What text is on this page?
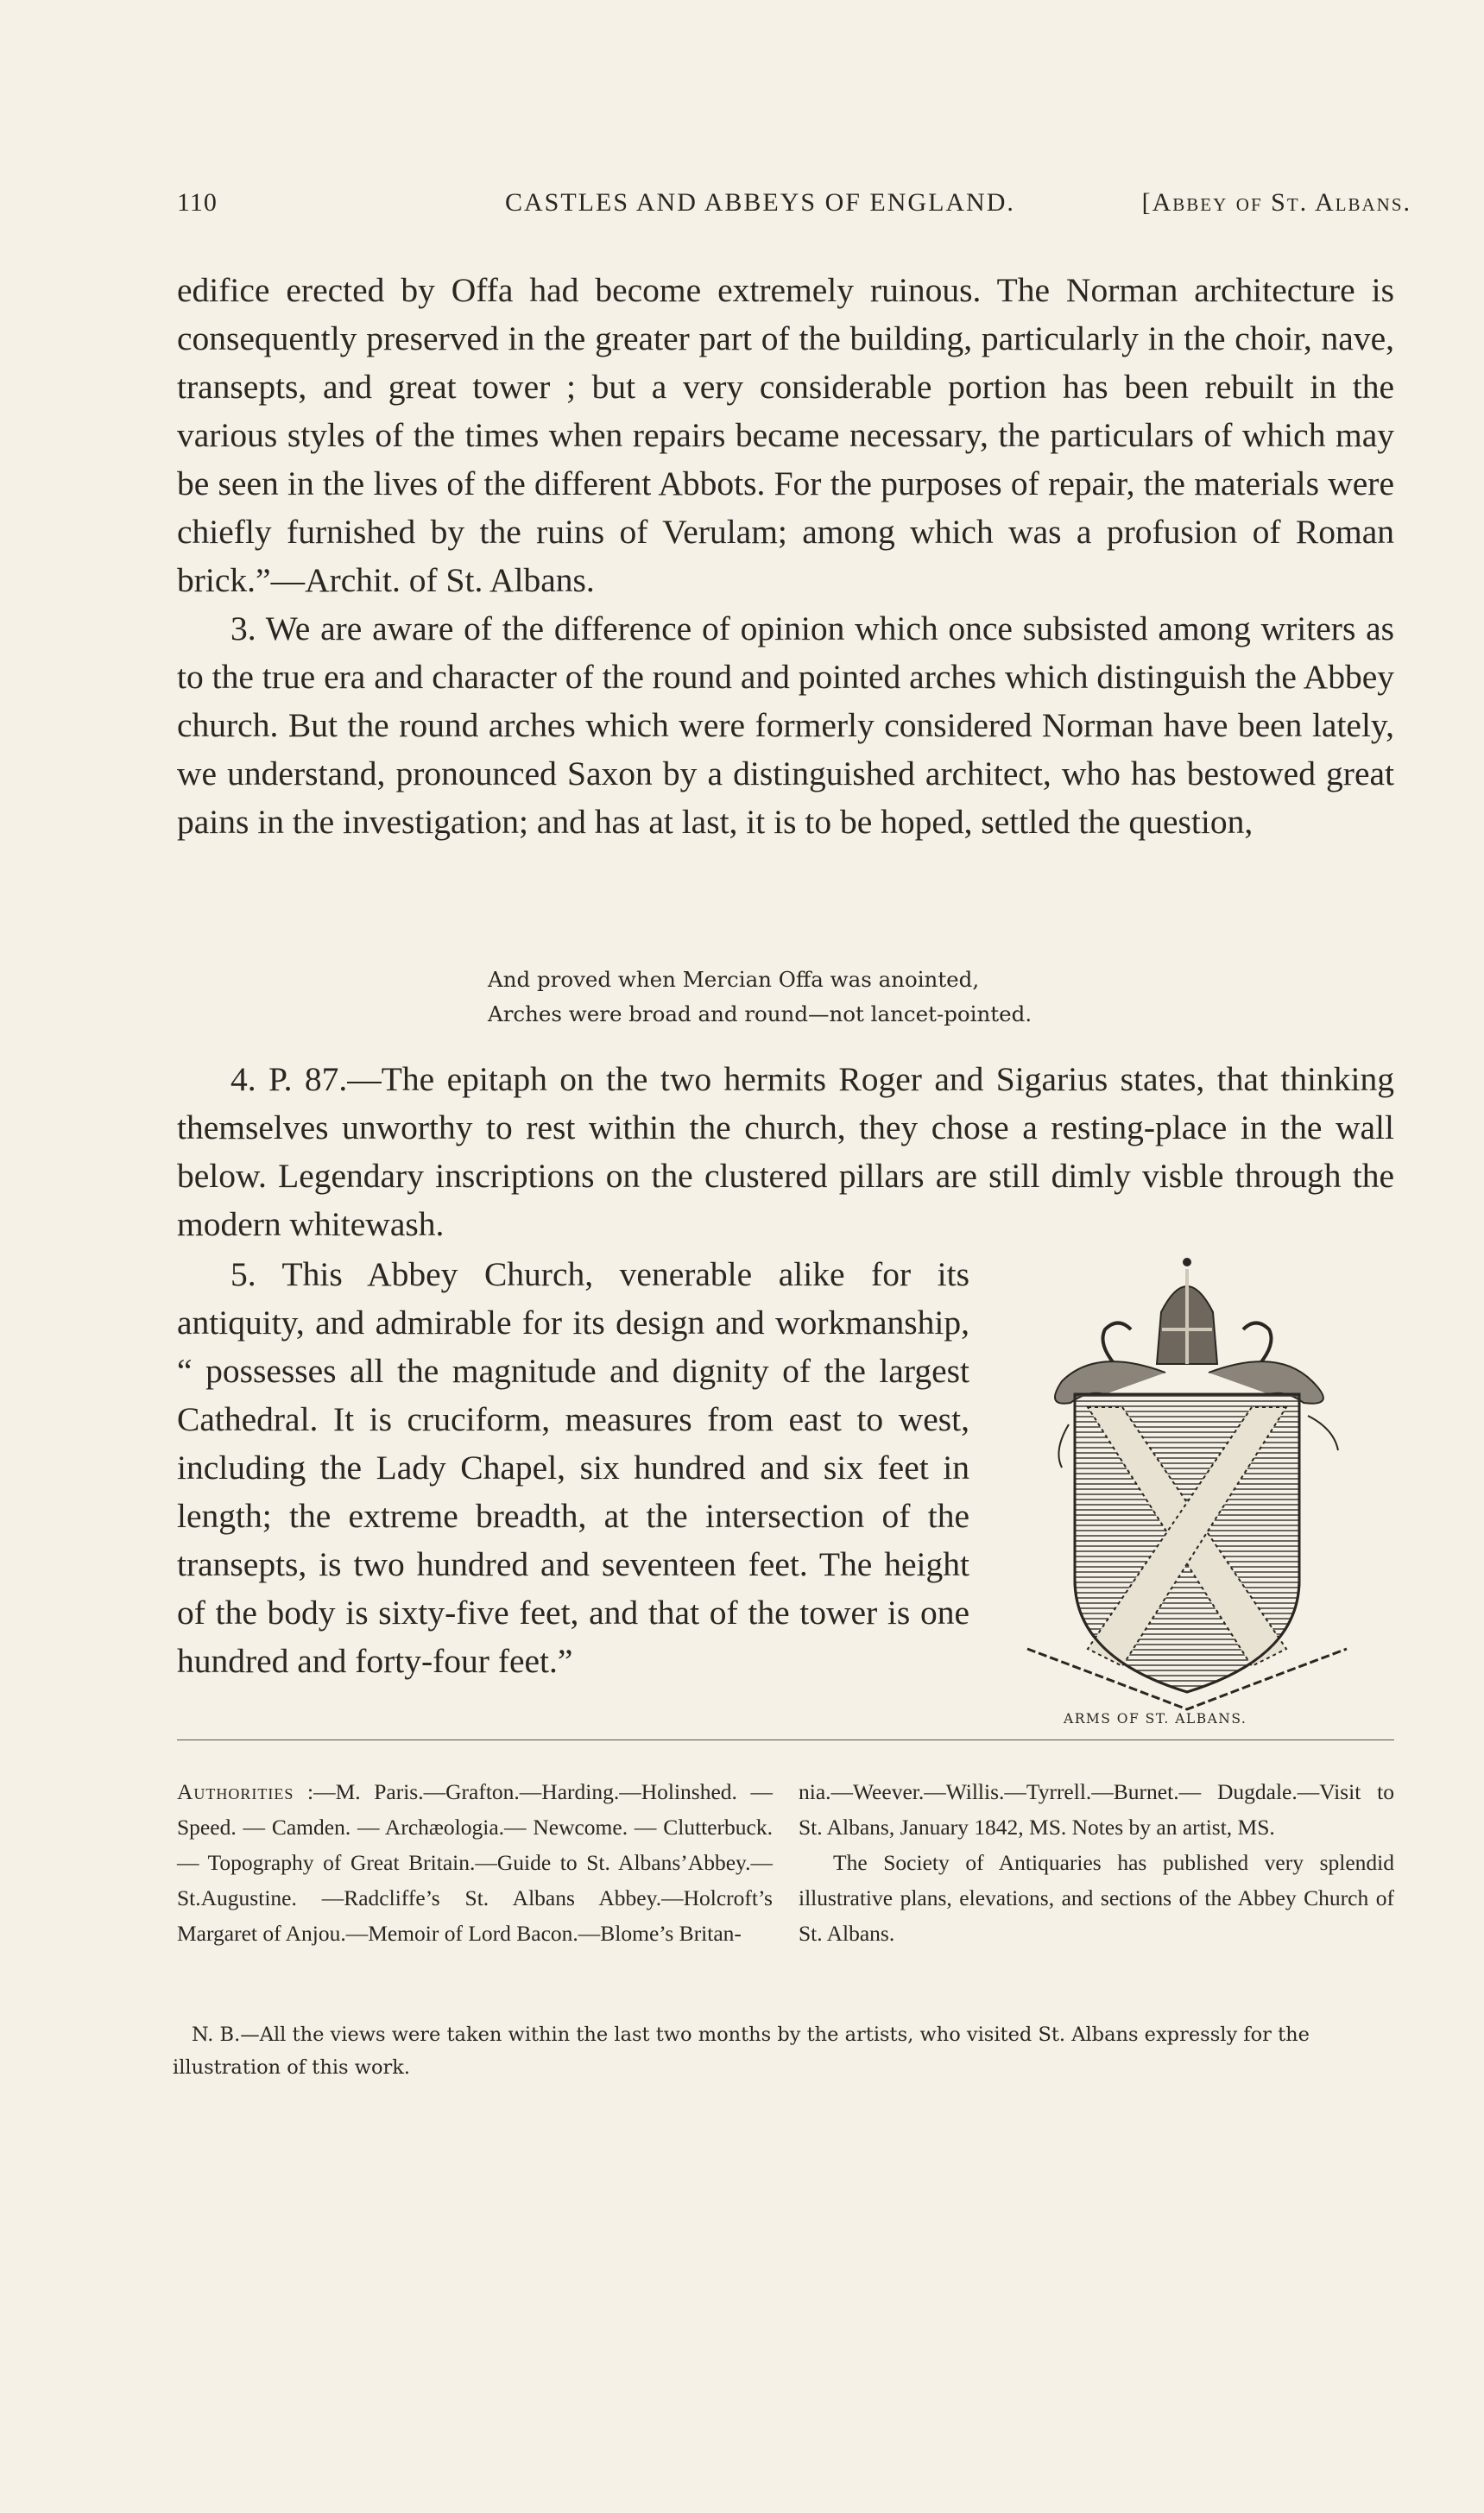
110	CASTLES AND ABBEYS OF ENGLAND.	[Abbey of St. Albans.

edifice erected by Offa had become extremely ruinous. The Norman architecture is consequently preserved in the greater part of the building, particularly in the choir, nave, transepts, and great tower ; but a very considerable portion has been rebuilt in the various styles of the times when repairs became necessary, the particulars of which may be seen in the lives of the different Abbots. For the purposes of repair, the materials were chiefly furnished by the ruins of Verulam; among which was a profusion of Roman brick.”—Archit. of St. Albans.

3. We are aware of the difference of opinion which once subsisted among writers as to the true era and character of the round and pointed arches which distinguish the Abbey church. But the round arches which were formerly considered Norman have been lately, we understand, pronounced Saxon by a distinguished architect, who has bestowed great pains in the investigation; and has at last, it is to be hoped, settled the question,

And proved when Mercian Offa was anointed,
Arches were broad and round—not lancet-pointed.

4. P. 87.—The epitaph on the two hermits Roger and Sigarius states, that thinking themselves unworthy to rest within the church, they chose a resting-place in the wall below. Legendary inscriptions on the clustered pillars are still dimly visble through the modern whitewash.

5. This Abbey Church, venerable alike for its antiquity, and admirable for its design and workmanship, “ possesses all the magnitude and dignity of the largest Cathedral. It is cruciform, measures from east to west, including the Lady Chapel, six hundred and six feet in length; the extreme breadth, at the intersection of the transepts, is two hundred and seventeen feet. The height of the body is sixty-five feet, and that of the tower is one hundred and forty-four feet.”
ARMS OF ST. ALBANS.

Authorities :—M. Paris.—Grafton.—Harding.—Holinshed. — Speed. — Camden. — Archæologia.— Newcome. — Clutterbuck. — Topography of Great Britain.—Guide to St. Albans’Abbey.—St.Augustine. —Radcliffe’s St. Albans Abbey.—Holcroft’s Margaret of Anjou.—Memoir of Lord Bacon.—Blome’s Britan-

nia.—Weever.—Willis.—Tyrrell.—Burnet.— Dugdale.—Visit to St. Albans, January 1842, MS. Notes by an artist, MS.

The Society of Antiquaries has published very splendid illustrative plans, elevations, and sections of the Abbey Church of St. Albans.

N. B.—All the views were taken within the last two months by the artists, who visited St. Albans expressly for the illustration of this work.
